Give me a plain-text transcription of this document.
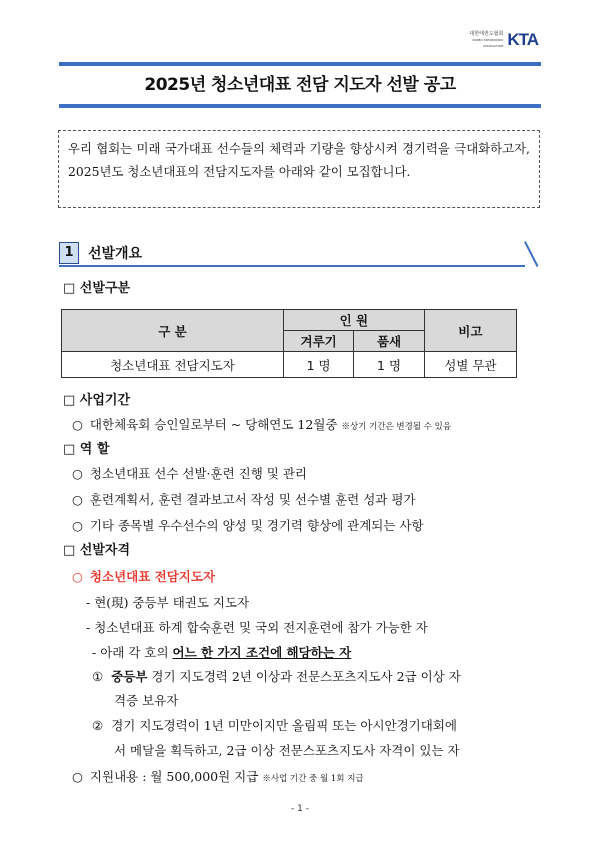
대한태권도협회
KOREA TAEKWONDO ASSOCIATION KTA
2025년 청소년대표 전담 지도자 선발 공고
우리 협회는 미래 국가대표 선수들의 체력과 기량을 향상시켜 경기력을 극대화하고자, 2025년도 청소년대표의 전담지도자를 아래와 같이 모집합니다.
1	선발개요
□ 선발구분
구 분	인 원		비고
	겨루기	품새	
청소년대표 전담지도자	1 명	1 명	성별 무관
□ 사업기간
○ 대한체육회 승인일로부터 ~ 당해연도 12월중 ※상기 기간은 변경될 수 있음
□ 역 할
○ 청소년대표 선수 선발·훈련 진행 및 관리
○ 훈련계획서, 훈련 결과보고서 작성 및 선수별 훈련 성과 평가
○ 기타 종목별 우수선수의 양성 및 경기력 향상에 관계되는 사항
□ 선발자격
○ 청소년대표 전담지도자
- 현(現) 중등부 태권도 지도자
- 청소년대표 하계 합숙훈련 및 국외 전지훈련에 참가 가능한 자
- 아래 각 호의 어느 한 가지 조건에 해당하는 자
① 중등부 경기 지도경력 2년 이상과 전문스포츠지도사 2급 이상 자
격증 보유자
② 경기 지도경력이 1년 미만이지만 올림픽 또는 아시안경기대회에
서 메달을 획득하고, 2급 이상 전문스포츠지도사 자격이 있는 자
○ 지원내용 : 월 500,000원 지급 ※사업 기간 중 월 1회 지급
- 1 -
